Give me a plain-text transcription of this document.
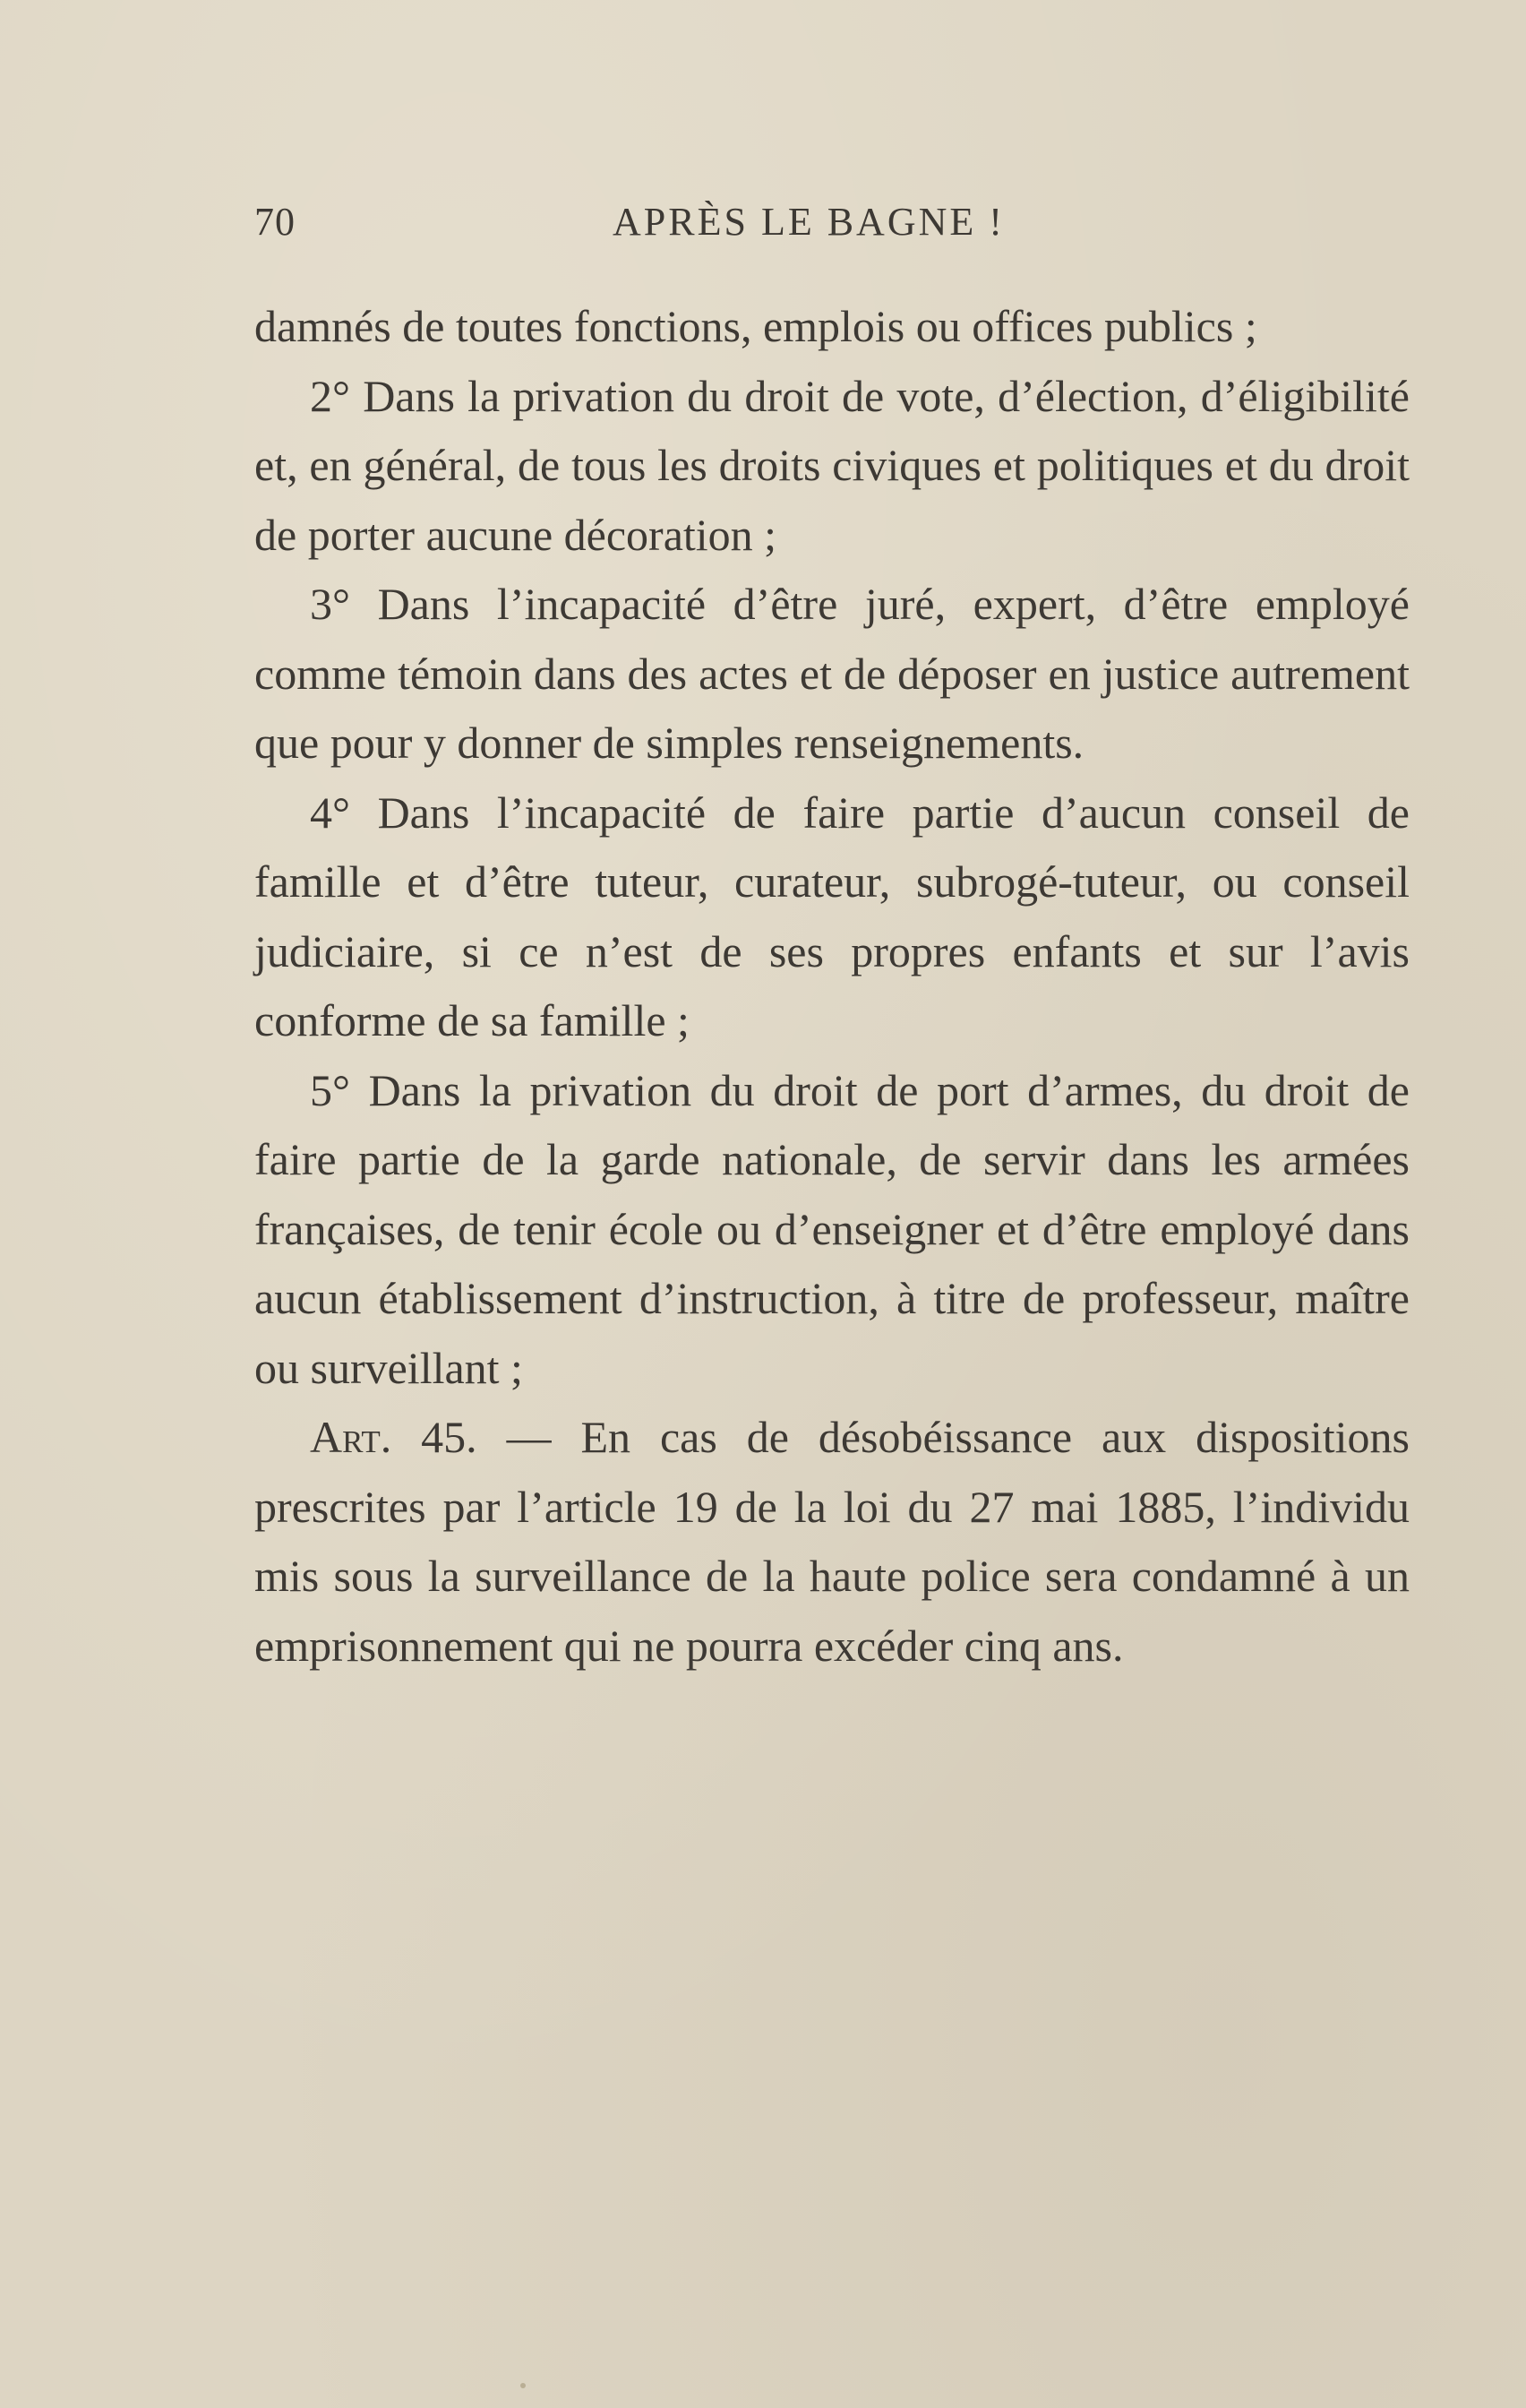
70	APRÈS LE BAGNE !

damnés de toutes fonctions, emplois ou offices publics ;

2° Dans la privation du droit de vote, d’élection, d’éligibilité et, en général, de tous les droits civiques et politiques et du droit de porter aucune décoration ;

3° Dans l’incapacité d’être juré, expert, d’être employé comme témoin dans des actes et de déposer en justice autrement que pour y donner de simples renseignements.

4° Dans l’incapacité de faire partie d’aucun conseil de famille et d’être tuteur, curateur, subrogé-tuteur, ou conseil judiciaire, si ce n’est de ses propres enfants et sur l’avis conforme de sa famille ;

5° Dans la privation du droit de port d’armes, du droit de faire partie de la garde nationale, de servir dans les armées françaises, de tenir école ou d’enseigner et d’être employé dans aucun établissement d’instruction, à titre de professeur, maître ou surveillant ;

Art. 45. — En cas de désobéissance aux dispositions prescrites par l’article 19 de la loi du 27 mai 1885, l’individu mis sous la surveillance de la haute police sera condamné à un emprisonnement qui ne pourra excéder cinq ans.
